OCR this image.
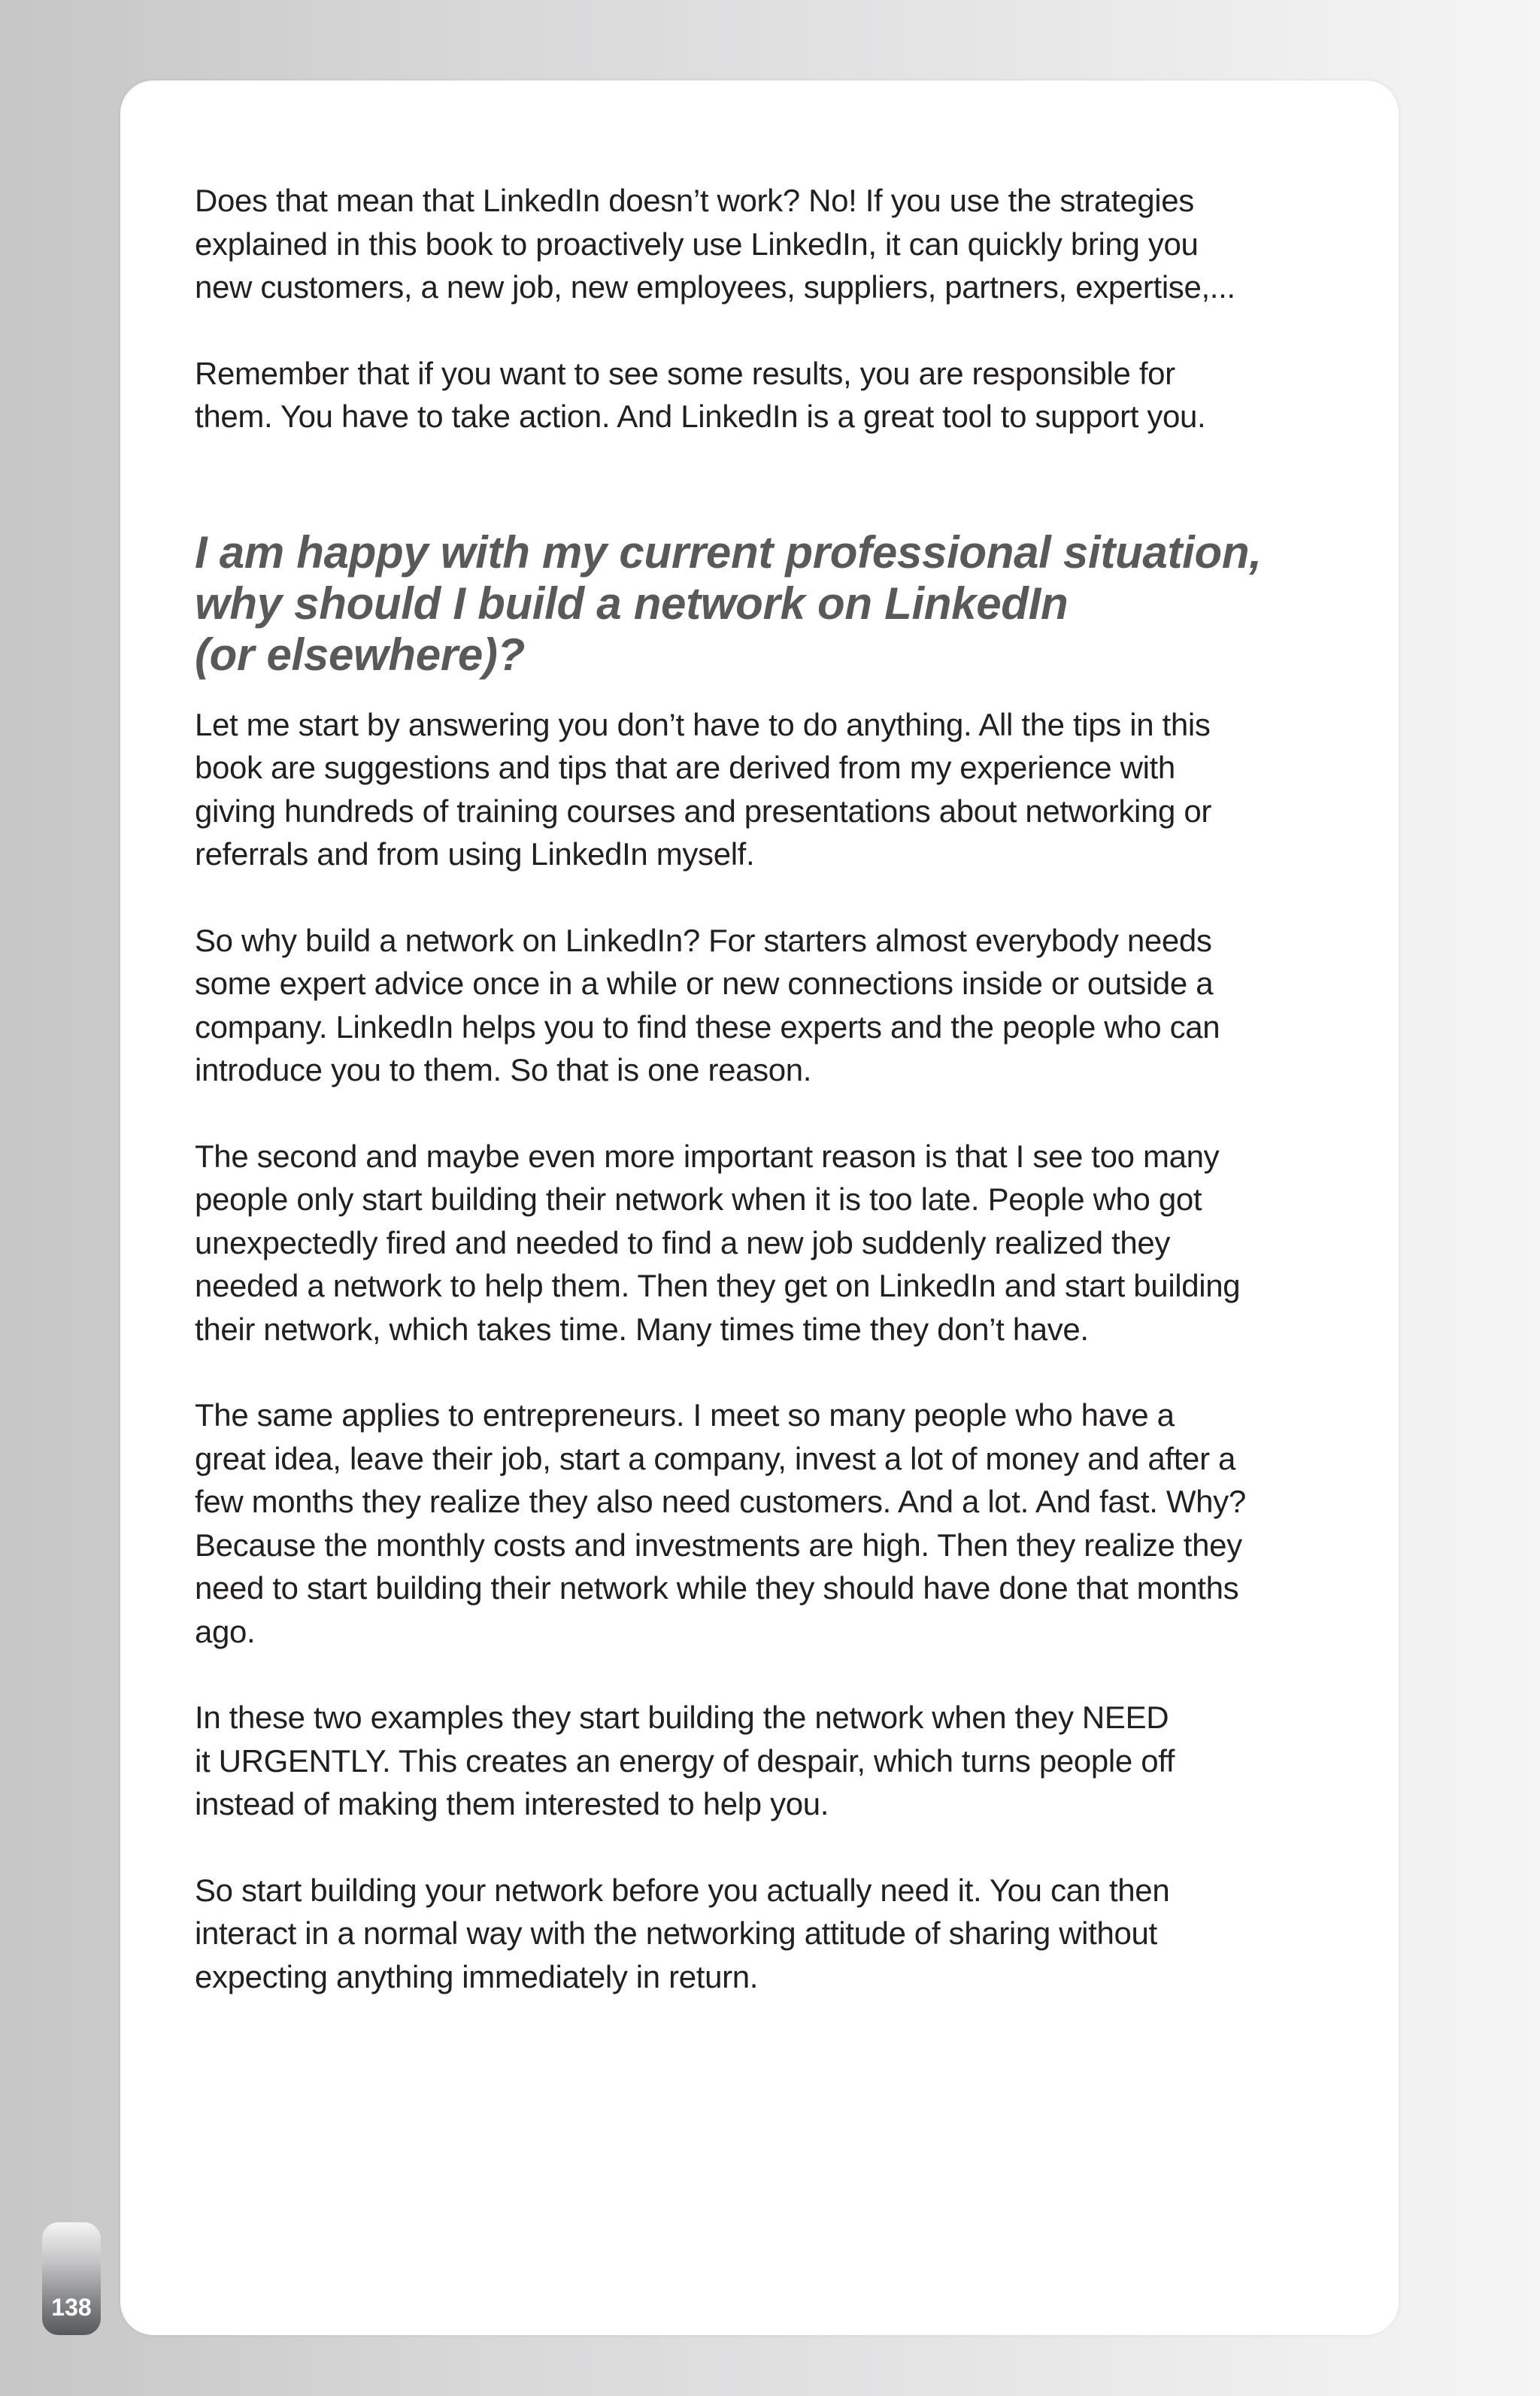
Does that mean that LinkedIn doesn’t work? No! If you use the strategies
explained in this book to proactively use LinkedIn, it can quickly bring you
new customers, a new job, new employees, suppliers, partners, expertise,...

Remember that if you want to see some results, you are responsible for
them. You have to take action. And LinkedIn is a great tool to support you.

I am happy with my current professional situation,
why should I build a network on LinkedIn
(or elsewhere)?

Let me start by answering you don’t have to do anything. All the tips in this
book are suggestions and tips that are derived from my experience with
giving hundreds of training courses and presentations about networking or
referrals and from using LinkedIn myself.

So why build a network on LinkedIn? For starters almost everybody needs
some expert advice once in a while or new connections inside or outside a
company. LinkedIn helps you to find these experts and the people who can
introduce you to them. So that is one reason.

The second and maybe even more important reason is that I see too many
people only start building their network when it is too late. People who got
unexpectedly fired and needed to find a new job suddenly realized they
needed a network to help them. Then they get on LinkedIn and start building
their network, which takes time. Many times time they don’t have.

The same applies to entrepreneurs. I meet so many people who have a
great idea, leave their job, start a company, invest a lot of money and after a
few months they realize they also need customers. And a lot. And fast. Why?
Because the monthly costs and investments are high. Then they realize they
need to start building their network while they should have done that months
ago.

In these two examples they start building the network when they NEED
it URGENTLY. This creates an energy of despair, which turns people off
instead of making them interested to help you.

So start building your network before you actually need it. You can then
interact in a normal way with the networking attitude of sharing without
expecting anything immediately in return.

138
